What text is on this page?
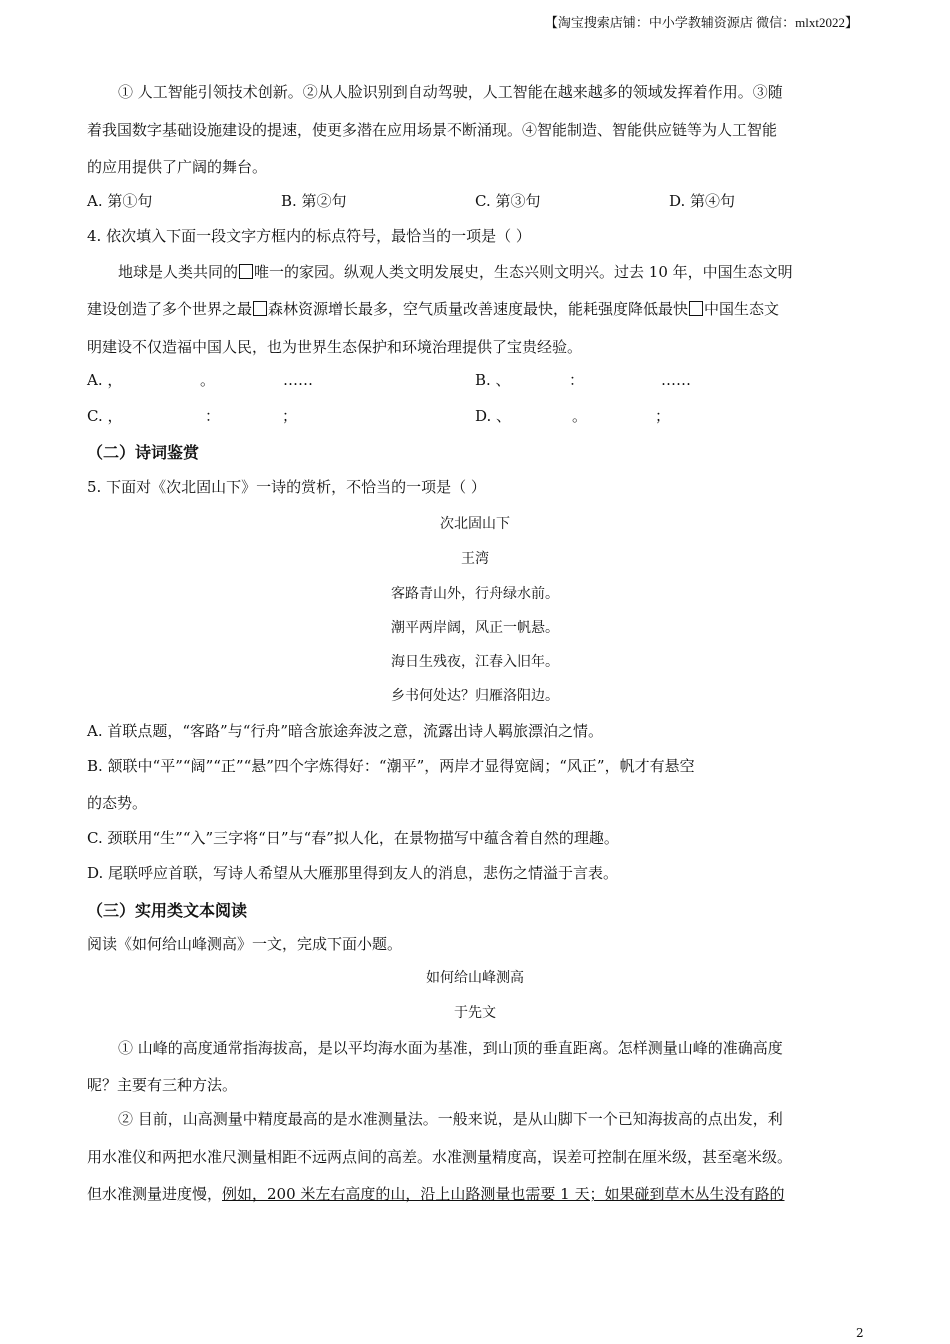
【淘宝搜索店铺：中小学教辅资源店 微信：mlxt2022】
① 人工智能引领技术创新。②从人脸识别到自动驾驶，人工智能在越来越多的领域发挥着作用。③随
着我国数字基础设施建设的提速，使更多潜在应用场景不断涌现。④智能制造、智能供应链等为人工智能
的应用提供了广阔的舞台。
A. 第①句	B. 第②句	C. 第③句	D. 第④句
4. 依次填入下面一段文字方框内的标点符号，最恰当的一项是（ ）
地球是人类共同的 唯一的家园。纵观人类文明发展史，生态兴则文明兴。过去 10 年，中国生态文明
建设创造了多个世界之最 森林资源增长最多，空气质量改善速度最快，能耗强度降低最快 中国生态文
明建设不仅造福中国人民，也为世界生态保护和环境治理提供了宝贵经验。
A. ，	。	……	B. 、	：	……
C. ，	：	；	D. 、	。	；
（二）诗词鉴赏
5. 下面对《次北固山下》一诗的赏析，不恰当的一项是（ ）
次北固山下
王湾
客路青山外，行舟绿水前。
潮平两岸阔，风正一帆悬。
海日生残夜，江春入旧年。
乡书何处达？归雁洛阳边。
A. 首联点题，“客路”与“行舟”暗含旅途奔波之意，流露出诗人羁旅漂泊之情。
B. 颔联中“平”“阔”“正”“悬”四个字炼得好：“潮平”，两岸才显得宽阔；“风正”，帆才有悬空
的态势。
C. 颈联用“生”“入”三字将“日”与“春”拟人化，在景物描写中蕴含着自然的理趣。
D. 尾联呼应首联，写诗人希望从大雁那里得到友人的消息，悲伤之情溢于言表。
（三）实用类文本阅读
阅读《如何给山峰测高》一文，完成下面小题。
如何给山峰测高
于先文
① 山峰的高度通常指海拔高，是以平均海水面为基准，到山顶的垂直距离。怎样测量山峰的准确高度
呢？主要有三种方法。
② 目前，山高测量中精度最高的是水准测量法。一般来说，是从山脚下一个已知海拔高的点出发，利
用水准仪和两把水准尺测量相距不远两点间的高差。水准测量精度高，误差可控制在厘米级，甚至毫米级。
但水准测量进度慢，例如，200 米左右高度的山，沿上山路测量也需要 1 天；如果碰到草木丛生没有路的
2
